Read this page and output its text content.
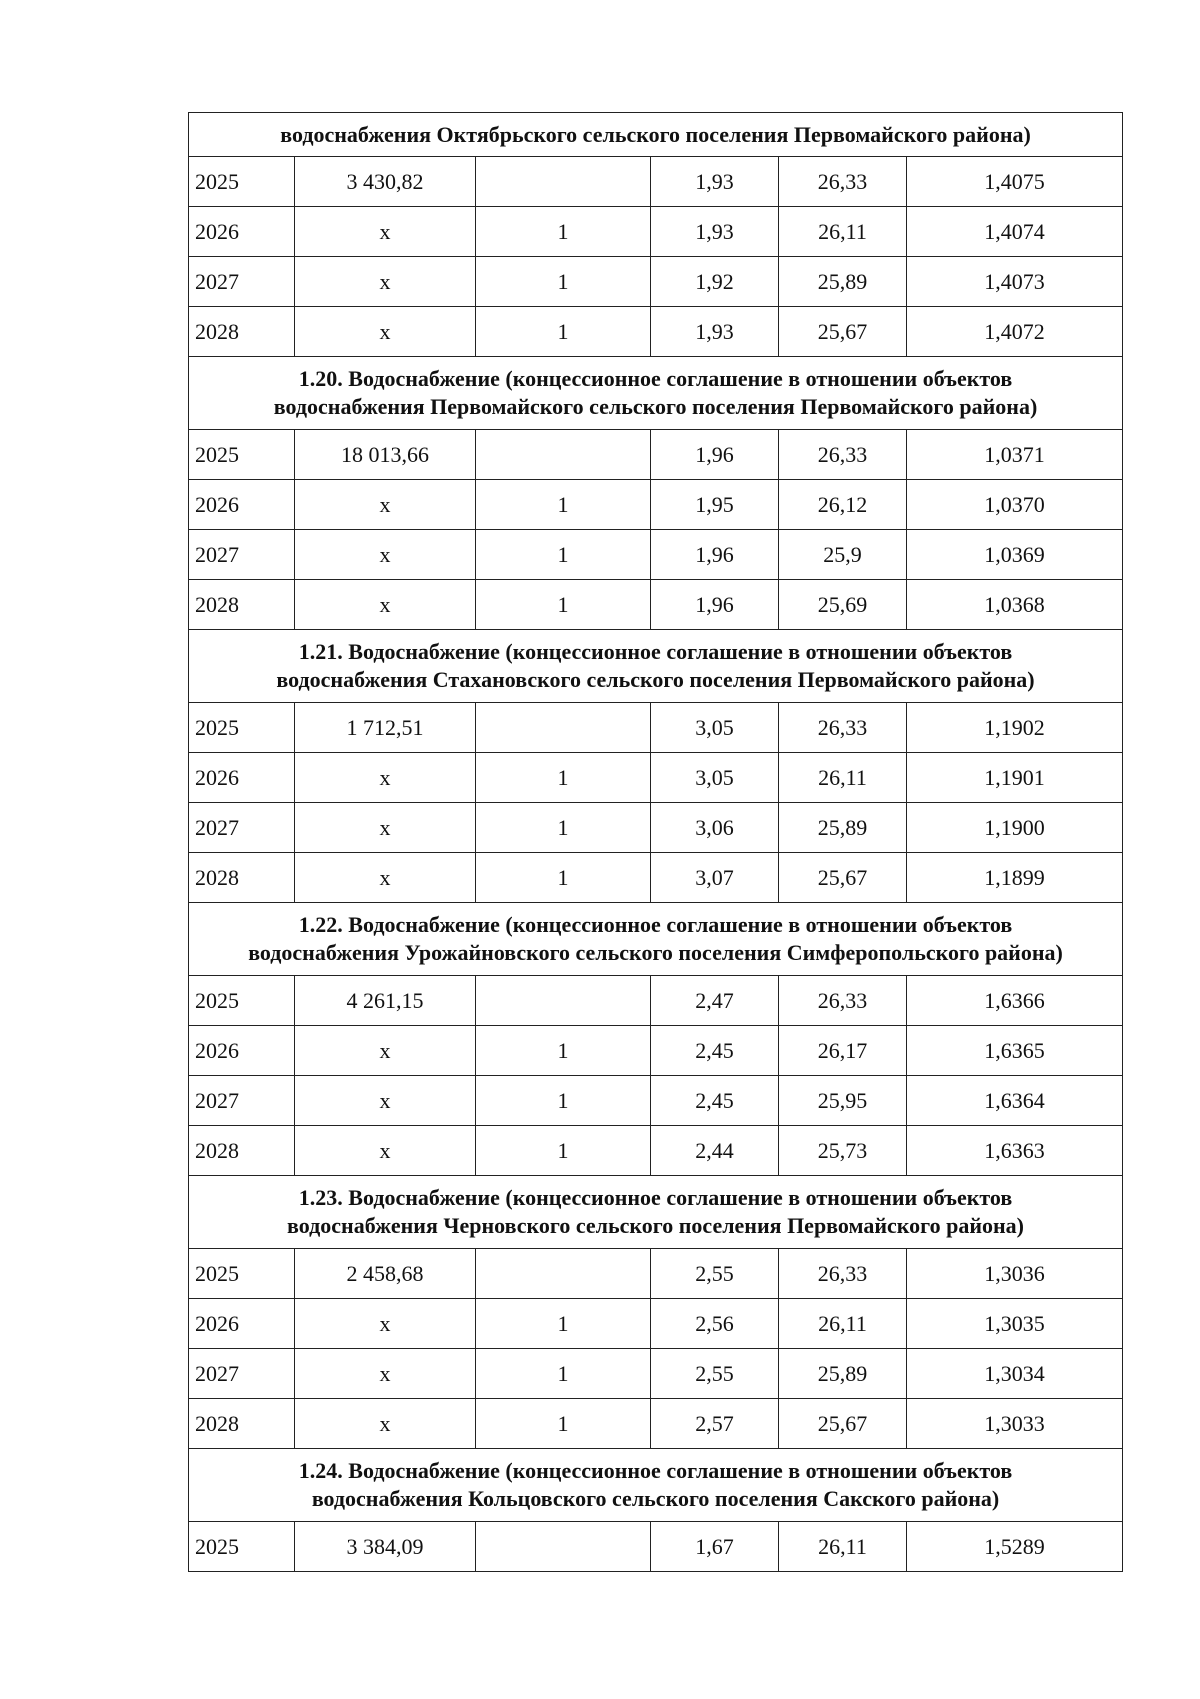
водоснабжения Октябрьского сельского поселения Первомайского района)					
2025	3 430,82		1,93	26,33	1,4075
2026	х	1	1,93	26,11	1,4074
2027	х	1	1,92	25,89	1,4073
2028	х	1	1,93	25,67	1,4072
1.20. Водоснабжение (концессионное соглашение в отношении объектов водоснабжения Первомайского сельского поселения Первомайского района)					
2025	18 013,66		1,96	26,33	1,0371
2026	х	1	1,95	26,12	1,0370
2027	х	1	1,96	25,9	1,0369
2028	х	1	1,96	25,69	1,0368
1.21. Водоснабжение (концессионное соглашение в отношении объектов водоснабжения Стахановского сельского поселения Первомайского района)					
2025	1 712,51		3,05	26,33	1,1902
2026	х	1	3,05	26,11	1,1901
2027	х	1	3,06	25,89	1,1900
2028	х	1	3,07	25,67	1,1899
1.22. Водоснабжение (концессионное соглашение в отношении объектов водоснабжения Урожайновского сельского поселения Симферопольского района)					
2025	4 261,15		2,47	26,33	1,6366
2026	х	1	2,45	26,17	1,6365
2027	х	1	2,45	25,95	1,6364
2028	х	1	2,44	25,73	1,6363
1.23. Водоснабжение (концессионное соглашение в отношении объектов водоснабжения Черновского сельского поселения Первомайского района)					
2025	2 458,68		2,55	26,33	1,3036
2026	х	1	2,56	26,11	1,3035
2027	х	1	2,55	25,89	1,3034
2028	х	1	2,57	25,67	1,3033
1.24. Водоснабжение (концессионное соглашение в отношении объектов водоснабжения Кольцовского сельского поселения Сакского района)					
2025	3 384,09		1,67	26,11	1,5289
